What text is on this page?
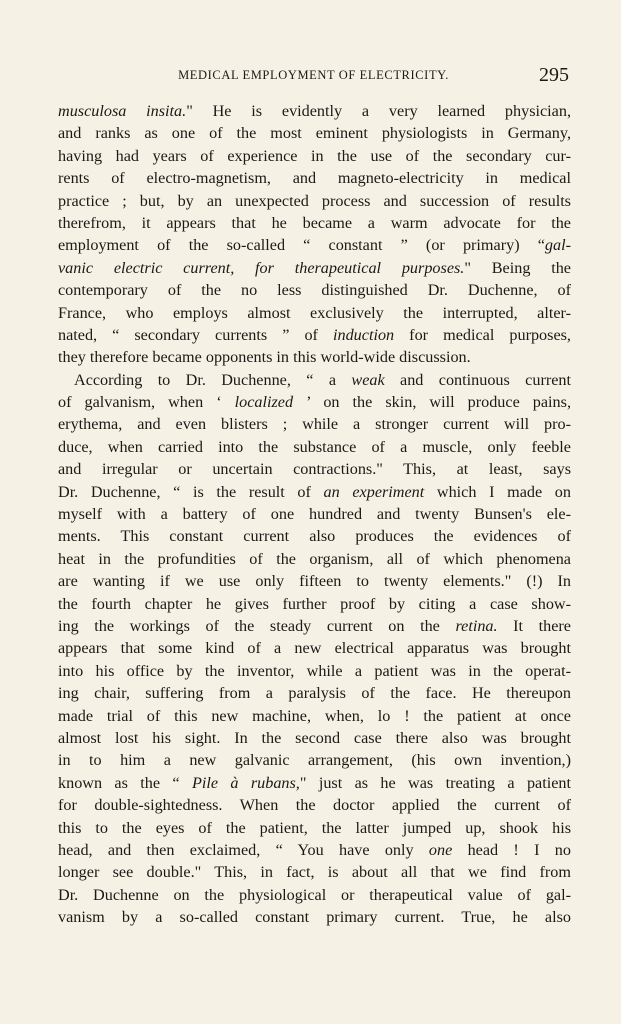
MEDICAL EMPLOYMENT OF ELECTRICITY.	295
musculosa insita." He is evidently a very learned physician,
and ranks as one of the most eminent physiologists in Germany,
having had years of experience in the use of the secondary cur-
rents of electro-magnetism, and magneto-electricity in medical
practice ; but, by an unexpected process and succession of results
therefrom, it appears that he became a warm advocate for the
employment of the so-called “ constant ” (or primary) “gal-
vanic electric current, for therapeutical purposes." Being the
contemporary of the no less distinguished Dr. Duchenne, of
France, who employs almost exclusively the interrupted, alter-
nated, “ secondary currents ” of induction for medical purposes,
they therefore became opponents in this world-wide discussion.
According to Dr. Duchenne, “ a weak and continuous current
of galvanism, when ‘ localized ’ on the skin, will produce pains,
erythema, and even blisters ; while a stronger current will pro-
duce, when carried into the substance of a muscle, only feeble
and irregular or uncertain contractions." This, at least, says
Dr. Duchenne, “ is the result of an experiment which I made on
myself with a battery of one hundred and twenty Bunsen's ele-
ments. This constant current also produces the evidences of
heat in the profundities of the organism, all of which phenomena
are wanting if we use only fifteen to twenty elements." (!) In
the fourth chapter he gives further proof by citing a case show-
ing the workings of the steady current on the retina. It there
appears that some kind of a new electrical apparatus was brought
into his office by the inventor, while a patient was in the operat-
ing chair, suffering from a paralysis of the face. He thereupon
made trial of this new machine, when, lo ! the patient at once
almost lost his sight. In the second case there also was brought
in to him a new galvanic arrangement, (his own invention,)
known as the “ Pile à rubans," just as he was treating a patient
for double-sightedness. When the doctor applied the current of
this to the eyes of the patient, the latter jumped up, shook his
head, and then exclaimed, “ You have only one head ! I no
longer see double." This, in fact, is about all that we find from
Dr. Duchenne on the physiological or therapeutical value of gal-
vanism by a so-called constant primary current. True, he also
